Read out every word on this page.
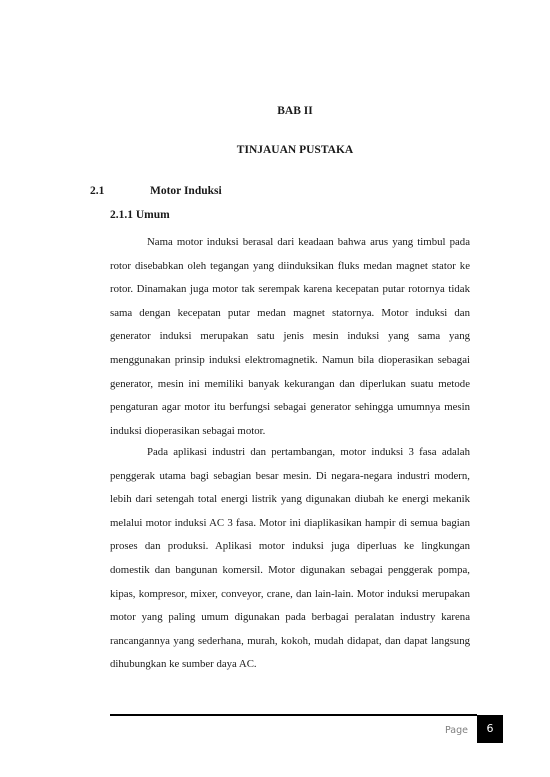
BAB II
TINJAUAN PUSTAKA
2.1	Motor Induksi
2.1.1 Umum

Nama motor induksi berasal dari keadaan bahwa arus yang timbul pada rotor disebabkan oleh tegangan yang diinduksikan fluks medan magnet stator ke rotor. Dinamakan juga motor tak serempak karena kecepatan putar rotornya tidak sama dengan kecepatan putar medan magnet statornya. Motor induksi dan generator induksi merupakan satu jenis mesin induksi yang sama yang menggunakan prinsip induksi elektromagnetik. Namun bila dioperasikan sebagai generator, mesin ini memiliki banyak kekurangan dan diperlukan suatu metode pengaturan agar motor itu berfungsi sebagai generator sehingga umumnya mesin induksi dioperasikan sebagai motor.

Pada aplikasi industri dan pertambangan, motor induksi 3 fasa adalah penggerak utama bagi sebagian besar mesin. Di negara-negara industri modern, lebih dari setengah total energi listrik yang digunakan diubah ke energi mekanik melalui motor induksi AC 3 fasa. Motor ini diaplikasikan hampir di semua bagian proses dan produksi. Aplikasi motor induksi juga diperluas ke lingkungan domestik dan bangunan komersil. Motor digunakan sebagai penggerak pompa, kipas, kompresor, mixer, conveyor, crane, dan lain-lain. Motor induksi merupakan motor yang paling umum digunakan pada berbagai peralatan industry karena rancangannya yang sederhana, murah, kokoh, mudah didapat, dan dapat langsung dihubungkan ke sumber daya AC.

Page	6
